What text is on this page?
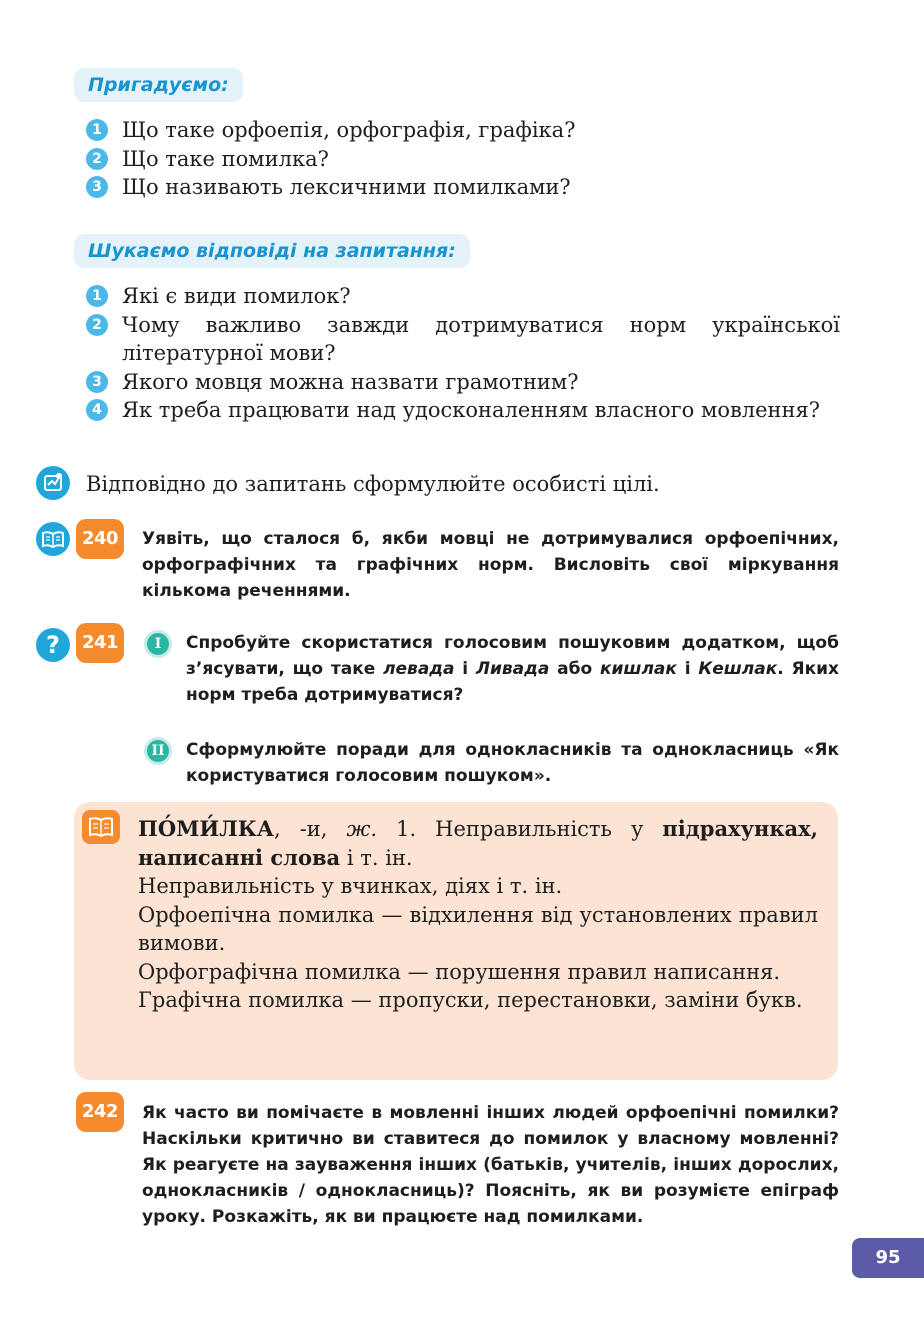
Пригадуємо:
1 Що таке орфоепія, орфографія, графіка?
2 Що таке помилка?
3 Що називають лексичними помилками?
Шукаємо відповіді на запитання:
1 Які є види помилок?
2 Чому важливо завжди дотримуватися норм української літературної мови?
3 Якого мовця можна назвати грамотним?
4 Як треба працювати над удосконаленням власного мовлення?
Відповідно до запитань сформулюйте особисті цілі.
240	Уявіть, що сталося б, якби мовці не дотримувалися орфоепічних, орфографічних та графічних норм. Висловіть свої міркування кількома реченнями.
?	241	I	Спробуйте скористатися голосовим пошуковим додатком, щоб з’ясувати, що таке левада і Ливада або кишлак і Кешлак. Яких норм треба дотримуватися?
II	Сформулюйте поради для однокласників та однокласниць «Як користуватися голосовим пошуком».
ПО́МИ́ЛКА, -и, ж. 1. Неправильність у підрахунках, написанні слова і т. ін.
Неправильність у вчинках, діях і т. ін.
Орфоепічна помилка — відхилення від установлених правил вимови.
Орфографічна помилка — порушення правил написання.
Графічна помилка — пропуски, перестановки, заміни букв.
242	Як часто ви помічаєте в мовленні інших людей орфоепічні помилки? Наскільки критично ви ставитеся до помилок у власному мовленні? Як реагуєте на зауваження інших (батьків, учителів, інших дорослих, однокласників / однокласниць)? Поясніть, як ви розумієте епіграф уроку. Розкажіть, як ви працюєте над помилками.
95
